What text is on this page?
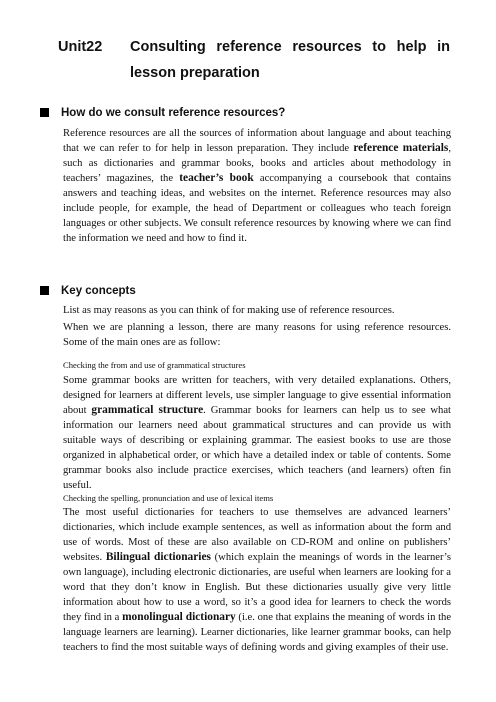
Unit22 Consulting reference resources to help in lesson preparation
How do we consult reference resources?
Reference resources are all the sources of information about language and about teaching that we can refer to for help in lesson preparation. They include reference materials, such as dictionaries and grammar books, books and articles about methodology in teachers’ magazines, the teacher’s book accompanying a coursebook that contains answers and teaching ideas, and websites on the internet. Reference resources may also include people, for example, the head of Department or colleagues who teach foreign languages or other subjects. We consult reference resources by knowing where we can find the information we need and how to find it.
Key concepts
List as may reasons as you can think of for making use of reference resources.
When we are planning a lesson, there are many reasons for using reference resources. Some of the main ones are as follow:
Checking the from and use of grammatical structures
Some grammar books are written for teachers, with very detailed explanations. Others, designed for learners at different levels, use simpler language to give essential information about grammatical structure. Grammar books for learners can help us to see what information our learners need about grammatical structures and can provide us with suitable ways of describing or explaining grammar. The easiest books to use are those organized in alphabetical order, or which have a detailed index or table of contents. Some grammar books also include practice exercises, which teachers (and learners) often fin useful.
Checking the spelling, pronunciation and use of lexical items
The most useful dictionaries for teachers to use themselves are advanced learners’ dictionaries, which include example sentences, as well as information about the form and use of words. Most of these are also available on CD-ROM and online on publishers’ websites. Bilingual dictionaries (which explain the meanings of words in the learner’s own language), including electronic dictionaries, are useful when learners are looking for a word that they don’t know in English. But these dictionaries usually give very little information about how to use a word, so it’s a good idea for learners to check the words they find in a monolingual dictionary (i.e. one that explains the meaning of words in the language learners are learning). Learner dictionaries, like learner grammar books, can help teachers to find the most suitable ways of defining words and giving examples of their use.
